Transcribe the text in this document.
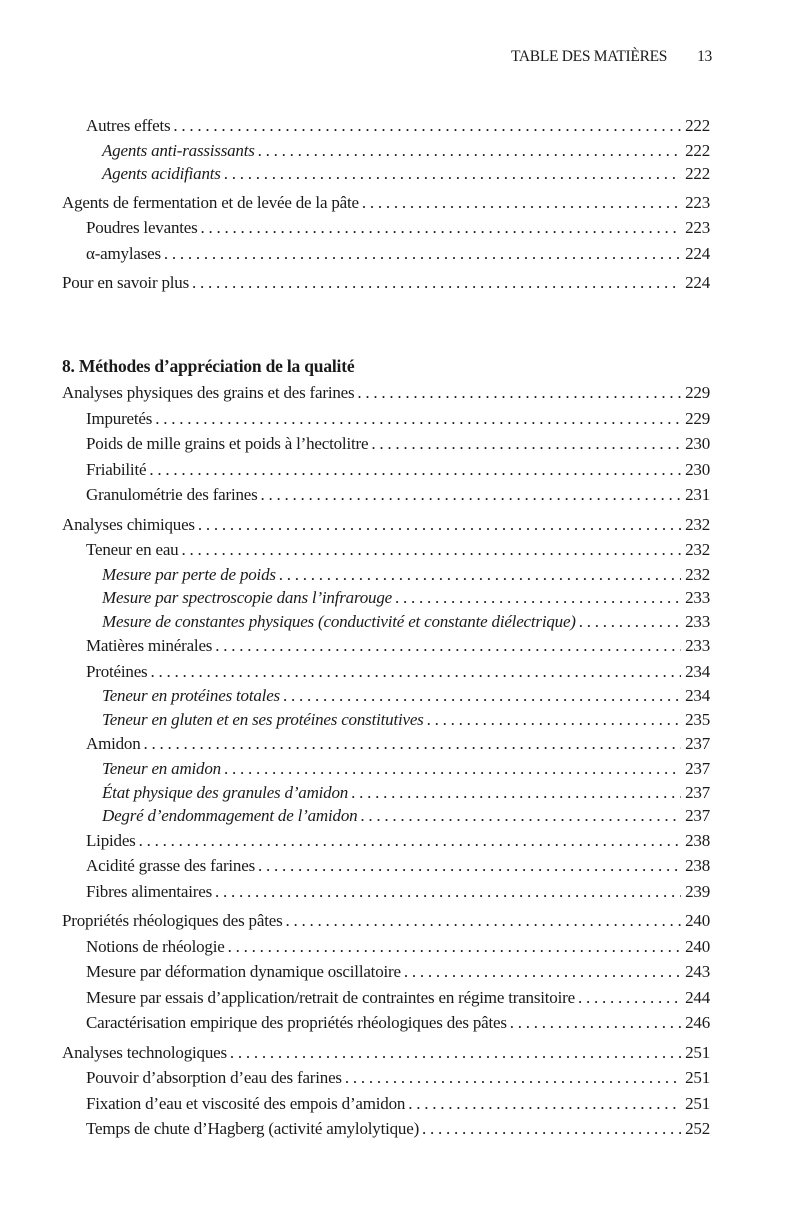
TABLE DES MATIÈRES 13
Autres effets . . .	222
Agents anti-rassissants . . .	222
Agents acidifiants . . .	222
Agents de fermentation et de levée de la pâte . . .	223
Poudres levantes . . .	223
α-amylases . . .	224
Pour en savoir plus . . .	224
8. Méthodes d’appréciation de la qualité
Analyses physiques des grains et des farines . . .	229
Impuretés . . .	229
Poids de mille grains et poids à l’hectolitre . . .	230
Friabilité . . .	230
Granulométrie des farines . . .	231
Analyses chimiques . . .	232
Teneur en eau . . .	232
Mesure par perte de poids . . .	232
Mesure par spectroscopie dans l’infrarouge . . .	233
Mesure de constantes physiques (conductivité et constante diélectrique) . . .	233
Matières minérales . . .	233
Protéines . . .	234
Teneur en protéines totales . . .	234
Teneur en gluten et en ses protéines constitutives . . .	235
Amidon . . .	237
Teneur en amidon . . .	237
État physique des granules d’amidon . . .	237
Degré d’endommagement de l’amidon . . .	237
Lipides . . .	238
Acidité grasse des farines . . .	238
Fibres alimentaires . . .	239
Propriétés rhéologiques des pâtes . . .	240
Notions de rhéologie . . .	240
Mesure par déformation dynamique oscillatoire . . .	243
Mesure par essais d’application/retrait de contraintes en régime transitoire . . .	244
Caractérisation empirique des propriétés rhéologiques des pâtes . . .	246
Analyses technologiques . . .	251
Pouvoir d’absorption d’eau des farines . . .	251
Fixation d’eau et viscosité des empois d’amidon . . .	251
Temps de chute d’Hagberg (activité amylolytique) . . .	252
